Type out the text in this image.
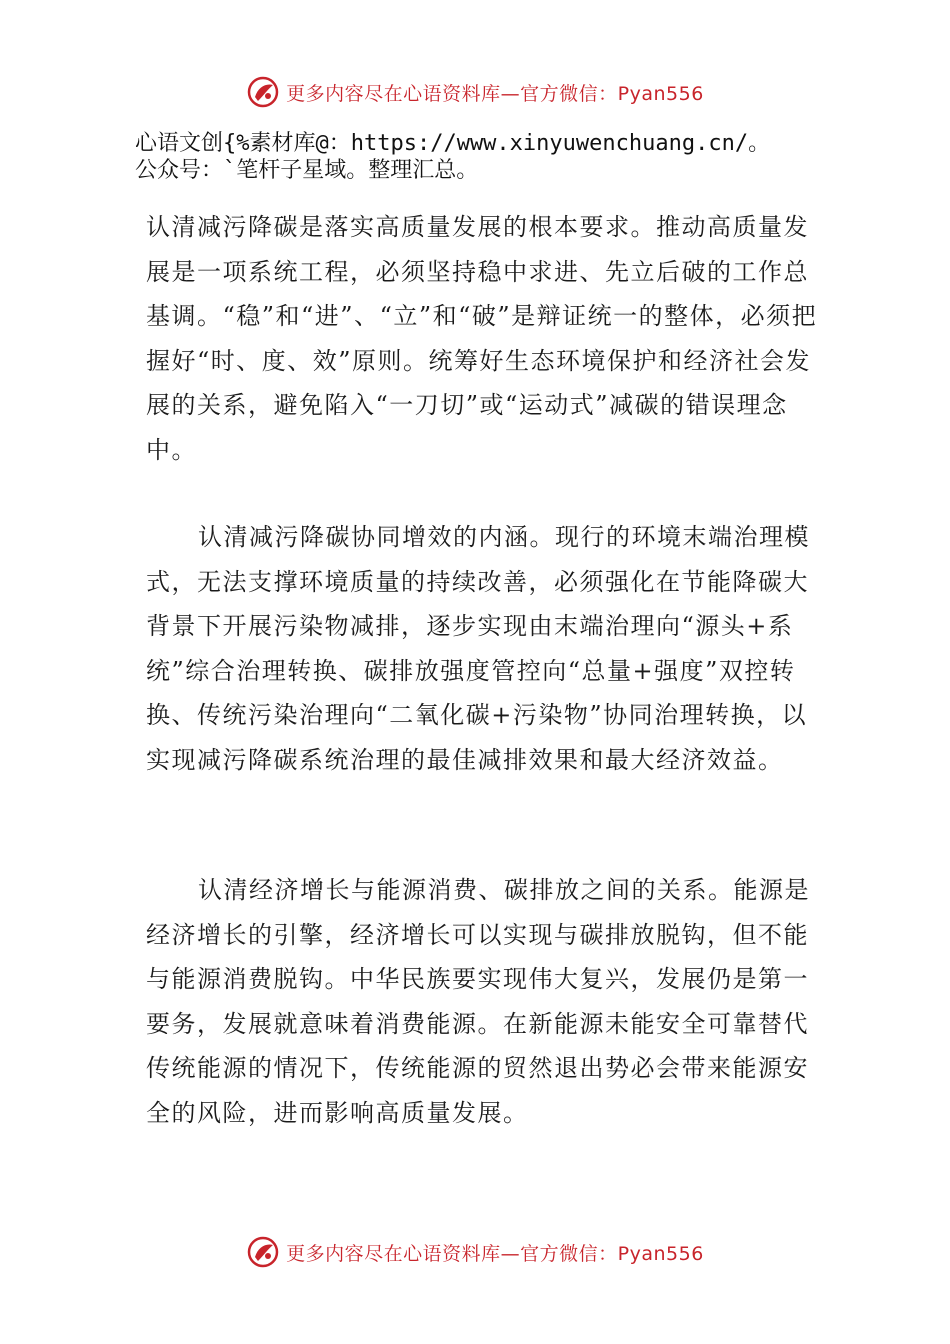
更多内容尽在心语资料库—官方微信：Pyan556
心语文创{%素材库@：https://www.xinyuwenchuang.cn/。
公众号：`笔杆子星域。整理汇总。

认清减污降碳是落实高质量发展的根本要求。推动高质量发展是一项系统工程，必须坚持稳中求进、先立后破的工作总基调。“稳”和“进”、“立”和“破”是辩证统一的整体，必须把握好“时、度、效”原则。统筹好生态环境保护和经济社会发展的关系，避免陷入“一刀切”或“运动式”减碳的错误理念中。

认清减污降碳协同增效的内涵。现行的环境末端治理模式，无法支撑环境质量的持续改善，必须强化在节能降碳大背景下开展污染物减排，逐步实现由末端治理向“源头+系统”综合治理转换、碳排放强度管控向“总量+强度”双控转换、传统污染治理向“二氧化碳+污染物”协同治理转换，以实现减污降碳系统治理的最佳减排效果和最大经济效益。

认清经济增长与能源消费、碳排放之间的关系。能源是经济增长的引擎，经济增长可以实现与碳排放脱钩，但不能与能源消费脱钩。中华民族要实现伟大复兴，发展仍是第一要务，发展就意味着消费能源。在新能源未能安全可靠替代传统能源的情况下，传统能源的贸然退出势必会带来能源安全的风险，进而影响高质量发展。

更多内容尽在心语资料库—官方微信：Pyan556
